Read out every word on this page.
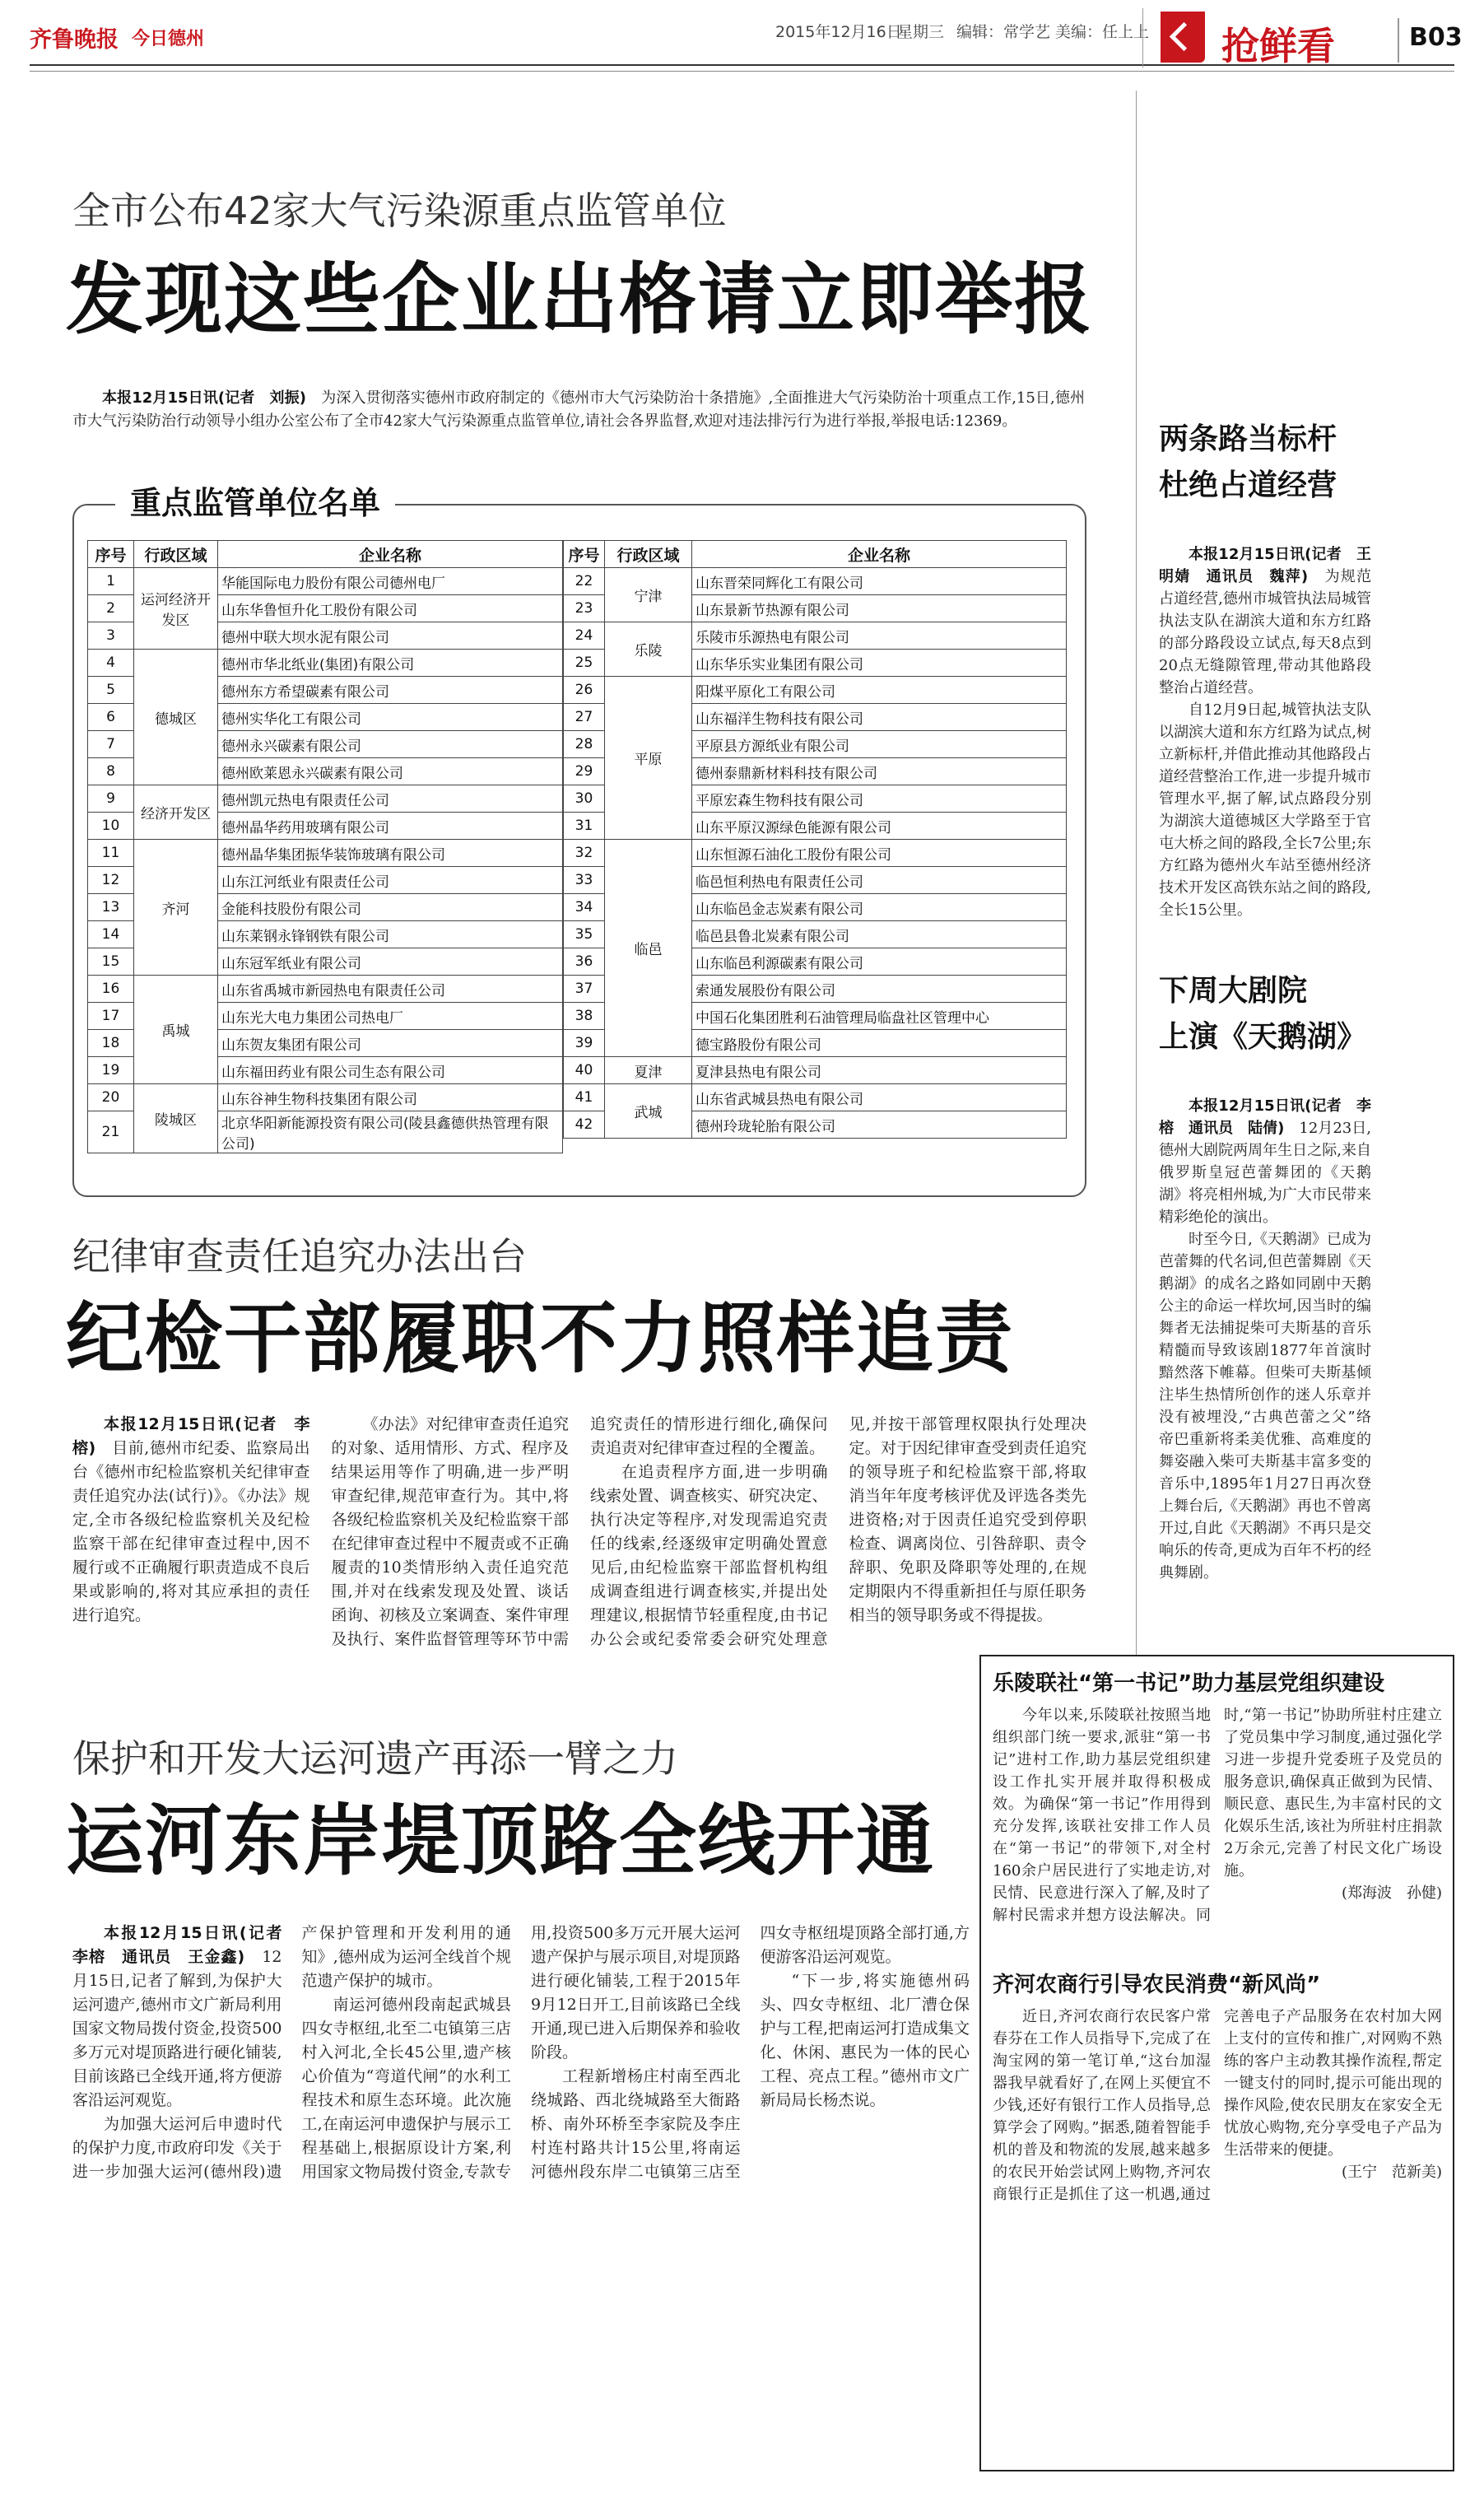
齐鲁晚报 今日德州	2015年12月16日
星期三 编辑：常学艺 美编：任上上 抢鲜看	B03
全市公布42家大气污染源重点监管单位
发现这些企业出格请立即举报

本报12月15日讯(记者　刘振)　 为深入贯彻落实德州市政府制定的《德州市大气污染防治十条措施》,全面推进大气污染防治十项重点工作,15日,德州市大气污染防治行动领导小组办公室公布了全市42家大气污染源重点监管单位,请社会各界监督,欢迎对违法排污行为进行举报,举报电话:12369。

重点监管单位名单
序号	行政区域	企业名称
1	运河经济开发区	华能国际电力股份有限公司德州电厂
2		山东华鲁恒升化工股份有限公司
3		德州中联大坝水泥有限公司
4	德城区	德州市华北纸业(集团)有限公司
5		德州东方希望碳素有限公司
6		德州实华化工有限公司
7		德州永兴碳素有限公司
8		德州欧莱恩永兴碳素有限公司
9	经济开发区	德州凯元热电有限责任公司
10		德州晶华药用玻璃有限公司
11	齐河	德州晶华集团振华装饰玻璃有限公司
12		山东江河纸业有限责任公司
13		金能科技股份有限公司
14		山东莱钢永锋钢铁有限公司
15		山东冠军纸业有限公司
16	禹城	山东省禹城市新园热电有限责任公司
17		山东光大电力集团公司热电厂
18		山东贺友集团有限公司
19		山东福田药业有限公司生态有限公司
20	陵城区	山东谷神生物科技集团有限公司
21		北京华阳新能源投资有限公司(陵县鑫德供热管理有限公司)
序号	行政区域	企业名称
22	宁津	山东晋荣同辉化工有限公司
23		山东景新节热源有限公司
24	乐陵	乐陵市乐源热电有限公司
25		山东华乐实业集团有限公司
26	平原	阳煤平原化工有限公司
27		山东福洋生物科技有限公司
28		平原县方源纸业有限公司
29		德州泰鼎新材料科技有限公司
30		平原宏森生物科技有限公司
31		山东平原汉源绿色能源有限公司
32	临邑	山东恒源石油化工股份有限公司
33		临邑恒利热电有限责任公司
34		山东临邑金志炭素有限公司
35		临邑县鲁北炭素有限公司
36		山东临邑利源碳素有限公司
37		索通发展股份有限公司
38		中国石化集团胜利石油管理局临盘社区管理中心
39		德宝路股份有限公司
40	夏津	夏津县热电有限公司
41	武城	山东省武城县热电有限公司
42		德州玲珑轮胎有限公司
纪律审查责任追究办法出台
纪检干部履职不力照样追责

本报12月15日讯(记者　李榕)　 目前,德州市纪委、监察局出台《德州市纪检监察机关纪律审查责任追究办法(试行)》。《办法》规定,全市各级纪检监察机关及纪检监察干部在纪律审查过程中,因不履行或不正确履行职责造成不良后果或影响的,将对其应承担的责任进行追究。

《办法》对纪律审查责任追究的对象、适用情形、方式、程序及结果运用等作了明确,进一步严明审查纪律,规范审查行为。其中,将各级纪检监察机关及纪检监察干部在纪律审查过程中不履责或不正确履责的10类情形纳入责任追究范围,并对在线索发现及处置、谈话函询、初核及立案调查、案件审理及执行、案件监督管理等环节中需追究责任的情形进行细化,确保问责追责对纪律审查过程的全覆盖。

在追责程序方面,进一步明确线索处置、调查核实、研究决定、执行决定等程序,对发现需追究责任的线索,经逐级审定明确处置意见后,由纪检监察干部监督机构组成调查组进行调查核实,并提出处理建议,根据情节轻重程度,由书记办公会或纪委常委会研究处理意见,并按干部管理权限执行处理决定。对于因纪律审查受到责任追究的领导班子和纪检监察干部,将取消当年年度考核评优及评选各类先进资格;对于因责任追究受到停职检查、调离岗位、引咎辞职、责令辞职、免职及降职等处理的,在规定期限内不得重新担任与原任职务相当的领导职务或不得提拔。

保护和开发大运河遗产再添一臂之力
运河东岸堤顶路全线开通

本报12月15日讯(记者　李榕　通讯员　王金鑫)　 12月15日,记者了解到,为保护大运河遗产,德州市文广新局利用国家文物局拨付资金,投资500多万元对堤顶路进行硬化铺装,目前该路已全线开通,将方便游客沿运河观览。

为加强大运河后申遗时代的保护力度,市政府印发《关于进一步加强大运河(德州段)遗产保护管理和开发利用的通知》,德州成为运河全线首个规范遗产保护的城市。

南运河德州段南起武城县四女寺枢纽,北至二屯镇第三店村入河北,全长45公里,遗产核心价值为“弯道代闸”的水利工程技术和原生态环境。此次施工,在南运河申遗保护与展示工程基础上,根据原设计方案,利用国家文物局拨付资金,专款专用,投资500多万元开展大运河遗产保护与展示项目,对堤顶路进行硬化铺装,工程于2015年9月12日开工,目前该路已全线开通,现已进入后期保养和验收阶段。

工程新增杨庄村南至西北绕城路、西北绕城路至大衙路桥、南外环桥至李家院及李庄村连村路共计15公里,将南运河德州段东岸二屯镇第三店至四女寺枢纽堤顶路全部打通,方便游客沿运河观览。

“下一步,将实施德州码头、四女寺枢纽、北厂漕仓保护与工程,把南运河打造成集文化、休闲、惠民为一体的民心工程、亮点工程。”德州市文广新局局长杨杰说。

两条路当标杆
杜绝占道经营

本报12月15日讯(记者　王明婧　通讯员　魏萍)　 为规范占道经营,德州市城管执法局城管执法支队在湖滨大道和东方红路的部分路段设立试点,每天8点到20点无缝隙管理,带动其他路段整治占道经营。

自12月9日起,城管执法支队以湖滨大道和东方红路为试点,树立新标杆,并借此推动其他路段占道经营整治工作,进一步提升城市管理水平,据了解,试点路段分别为湖滨大道德城区大学路至于官屯大桥之间的路段,全长7公里;东方红路为德州火车站至德州经济技术开发区高铁东站之间的路段,全长15公里。

下周大剧院
上演《天鹅湖》

本报12月15日讯(记者　李榕　通讯员　陆倩)　 12月23日,德州大剧院两周年生日之际,来自俄罗斯皇冠芭蕾舞团的《天鹅湖》将亮相州城,为广大市民带来精彩绝伦的演出。

时至今日,《天鹅湖》已成为芭蕾舞的代名词,但芭蕾舞剧《天鹅湖》的成名之路如同剧中天鹅公主的命运一样坎坷,因当时的编舞者无法捕捉柴可夫斯基的音乐精髓而导致该剧1877年首演时黯然落下帷幕。但柴可夫斯基倾注毕生热情所创作的迷人乐章并没有被埋没,“古典芭蕾之父”络帝巴重新将柔美优雅、高难度的舞姿融入柴可夫斯基丰富多变的音乐中,1895年1月27日再次登上舞台后,《天鹅湖》再也不曾离开过,自此《天鹅湖》不再只是交响乐的传奇,更成为百年不朽的经典舞剧。

乐陵联社“第一书记”助力基层党组织建设

今年以来,乐陵联社按照当地组织部门统一要求,派驻“第一书记”进村工作,助力基层党组织建设工作扎实开展并取得积极成效。为确保“第一书记”作用得到充分发挥,该联社安排工作人员在“第一书记”的带领下,对全村160余户居民进行了实地走访,对民情、民意进行深入了解,及时了解村民需求并想方设法解决。同时,“第一书记”协助所驻村庄建立了党员集中学习制度,通过强化学习进一步提升党委班子及党员的服务意识,确保真正做到为民情、顺民意、惠民生,为丰富村民的文化娱乐生活,该社为所驻村庄捐款2万余元,完善了村民文化广场设施。

(郑海波　孙健)

齐河农商行引导农民消费“新风尚”

近日,齐河农商行农民客户常春芬在工作人员指导下,完成了在淘宝网的第一笔订单,“这台加湿器我早就看好了,在网上买便宜不少钱,还好有银行工作人员指导,总算学会了网购。”据悉,随着智能手机的普及和物流的发展,越来越多的农民开始尝试网上购物,齐河农商银行正是抓住了这一机遇,通过完善电子产品服务在农村加大网上支付的宣传和推广,对网购不熟练的客户主动教其操作流程,帮定一键支付的同时,提示可能出现的操作风险,使农民朋友在家安全无忧放心购物,充分享受电子产品为生活带来的便捷。

(王宁　范新美)
